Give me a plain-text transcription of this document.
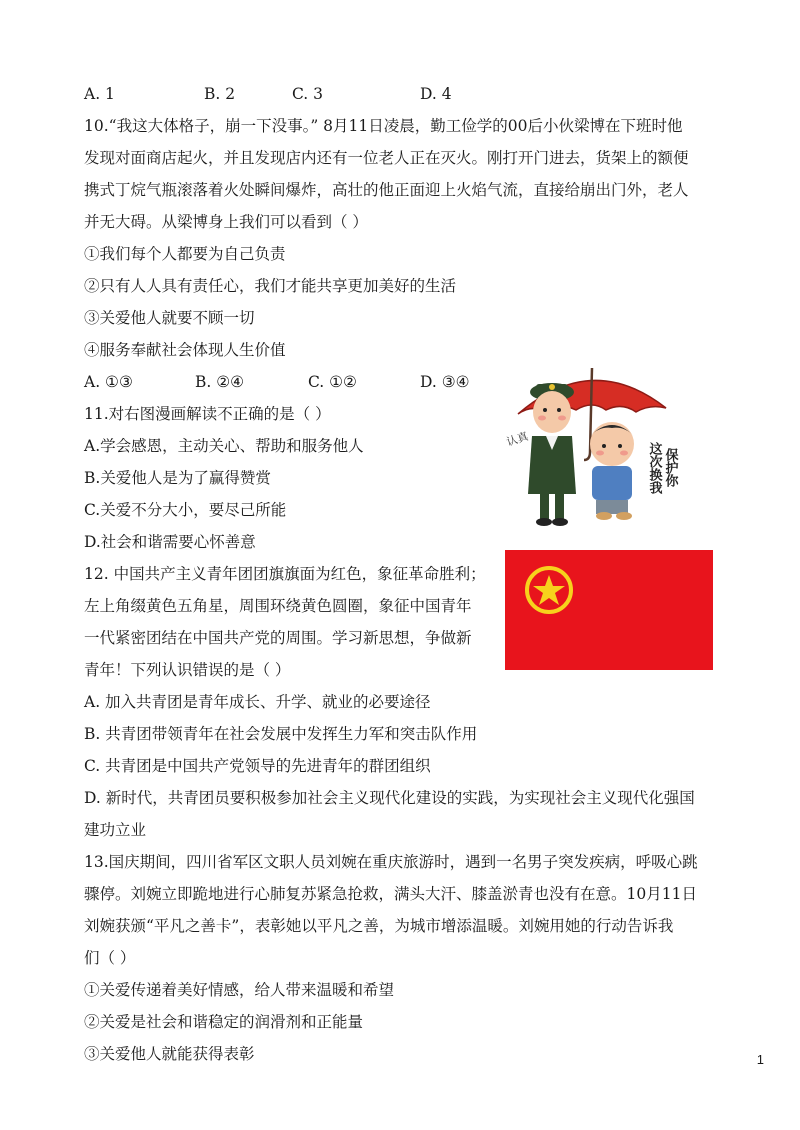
A. 1	B. 2	C. 3	D. 4
10.“我这大体格子，崩一下没事。” 8月11日凌晨，勤工俭学的00后小伙梁博在下班时他
发现对面商店起火，并且发现店内还有一位老人正在灭火。刚打开门进去，货架上的额便
携式丁烷气瓶滚落着火处瞬间爆炸，高壮的他正面迎上火焰气流，直接给崩出门外，老人
并无大碍。从梁博身上我们可以看到（ ）
①我们每个人都要为自己负责
②只有人人具有责任心，我们才能共享更加美好的生活
③关爱他人就要不顾一切
④服务奉献社会体现人生价值
A. ①③	B. ②④	C. ①②	D. ③④
11.对右图漫画解读不正确的是（ ）
A.学会感恩，主动关心、帮助和服务他人
B.关爱他人是为了赢得赞赏
C.关爱不分大小，要尽己所能
D.社会和谐需要心怀善意
认真
保护你
这次换我
12. 中国共产主义青年团团旗旗面为红色，象征革命胜利；
左上角缀黄色五角星，周围环绕黄色圆圈，象征中国青年
一代紧密团结在中国共产党的周围。学习新思想，争做新
青年！下列认识错误的是（ ）
A. 加入共青团是青年成长、升学、就业的必要途径
B. 共青团带领青年在社会发展中发挥生力军和突击队作用
C. 共青团是中国共产党领导的先进青年的群团组织
D. 新时代，共青团员要积极参加社会主义现代化建设的实践，为实现社会主义现代化强国
建功立业
13.国庆期间，四川省军区文职人员刘婉在重庆旅游时，遇到一名男子突发疾病，呼吸心跳
骤停。刘婉立即跪地进行心肺复苏紧急抢救，满头大汗、膝盖淤青也没有在意。10月11日
刘婉获颁“平凡之善卡”，表彰她以平凡之善，为城市增添温暖。刘婉用她的行动告诉我
们（ ）
①关爱传递着美好情感，给人带来温暖和希望
②关爱是社会和谐稳定的润滑剂和正能量
③关爱他人就能获得表彰	1
